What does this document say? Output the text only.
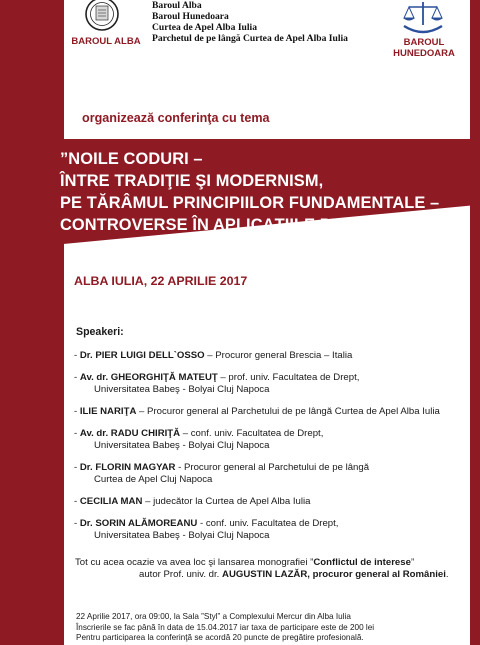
BAROUL ALBA
Baroul Alba
Baroul Hunedoara
Curtea de Apel Alba Iulia
Parchetul de pe lângă Curtea de Apel Alba Iulia	BAROUL HUNEDOARA
organizează conferinţa cu tema
”NOILE CODURI –
ÎNTRE TRADIŢIE ŞI MODERNISM,
PE TĂRÂMUL PRINCIPIILOR FUNDAMENTALE –
CONTROVERSE ÎN APLICAŢIILE PRACTICE”.
ALBA IULIA, 22 APRILIE 2017
Speakeri:
- Dr. PIER LUIGI DELL`OSSO – Procuror general Brescia – Italia
- Av. dr. GHEORGHIŢĂ MATEUŢ – prof. univ. Facultatea de Drept,
Universitatea Babeş - Bolyai Cluj Napoca
- ILIE NARIŢA – Procuror general al Parchetului de pe lângă Curtea de Apel Alba Iulia
- Av. dr. RADU CHIRIŢĂ – conf. univ. Facultatea de Drept,
Universitatea Babeş - Bolyai Cluj Napoca
- Dr. FLORIN MAGYAR - Procuror general al Parchetului de pe lângă
Curtea de Apel Cluj Napoca
- CECILIA MAN – judecător la Curtea de Apel Alba Iulia
- Dr. SORIN ALĂMOREANU - conf. univ. Facultatea de Drept,
Universitatea Babeş - Bolyai Cluj Napoca
Tot cu acea ocazie va avea loc şi lansarea monografiei ”Conflictul de interese”
autor Prof. univ. dr. AUGUSTIN LAZĂR, procuror general al României.
22 Aprilie 2017, ora 09:00, la Sala ”Styl” a Complexului Mercur din Alba Iulia
Înscrierile se fac până în data de 15.04.2017 iar taxa de participare este de 200 lei
Pentru participarea la conferinţă se acordă 20 puncte de pregătire profesională.
